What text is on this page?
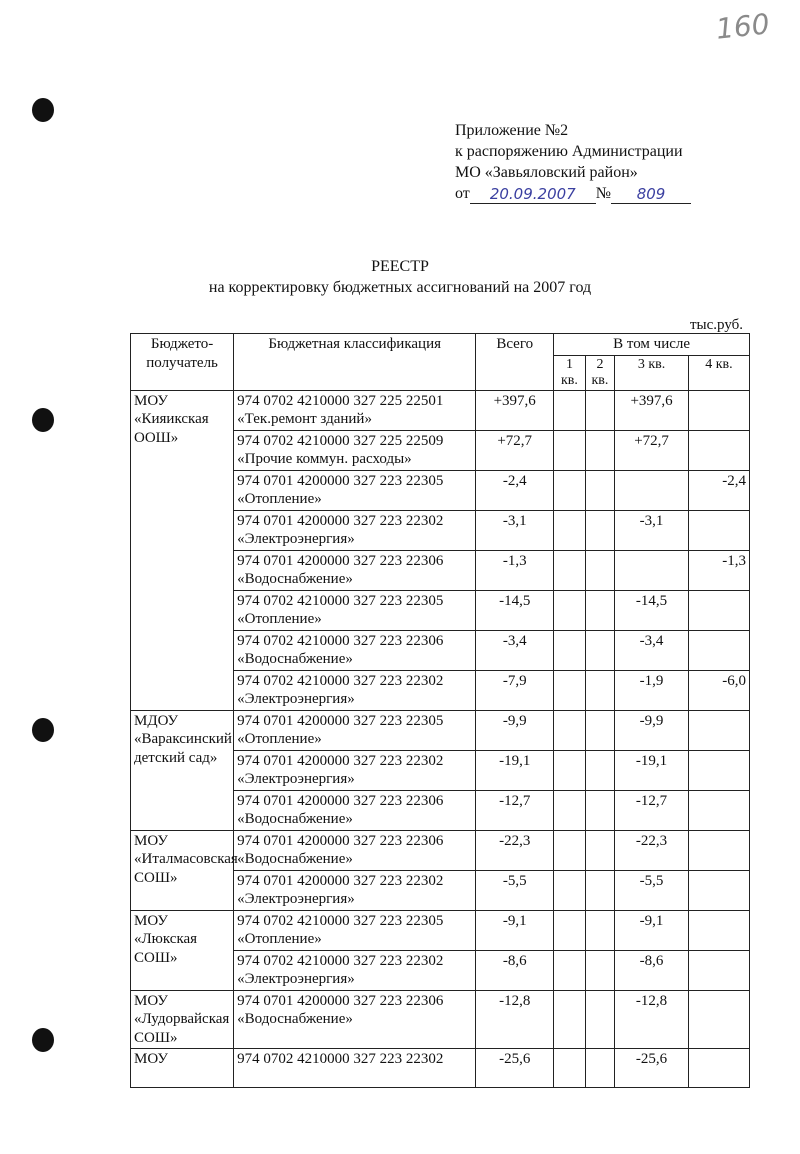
160
Приложение №2
к распоряжению Администрации
МО «Завьяловский район»
от 20.09.2007 № 809
РЕЕСТР
на корректировку бюджетных ассигнований на 2007 год
тыс.руб.
Бюджето-получатель	Бюджетная классификация	Всего	В том числе			
			1 кв.	2 кв.	3 кв.	4 кв.
МОУ «Кияикская ООШ»	974 0702 4210000 327 225 22501
«Тек.ремонт зданий»	+397,6			+397,6	

	974 0702 4210000 327 225 22509
«Прочие коммун. расходы»	+72,7			+72,7	

	974 0701 4200000 327 223 22305
«Отопление»	-2,4				-2,4

	974 0701 4200000 327 223 22302
«Электроэнергия»	-3,1			-3,1	

	974 0701 4200000 327 223 22306
«Водоснабжение»	-1,3				-1,3

	974 0702 4210000 327 223 22305
«Отопление»	-14,5			-14,5	

	974 0702 4210000 327 223 22306
«Водоснабжение»	-3,4			-3,4	

	974 0702 4210000 327 223 22302
«Электроэнергия»	-7,9			-1,9	-6,0
МДОУ «Вараксинский детский сад»	974 0701 4200000 327 223 22305
«Отопление»	-9,9			-9,9	

	974 0701 4200000 327 223 22302
«Электроэнергия»	-19,1			-19,1	

	974 0701 4200000 327 223 22306
«Водоснабжение»	-12,7			-12,7	
МОУ «Италмасовская СОШ»	974 0701 4200000 327 223 22306
«Водоснабжение»	-22,3			-22,3	

	974 0701 4200000 327 223 22302
«Электроэнергия»	-5,5			-5,5	
МОУ «Люкская СОШ»	974 0702 4210000 327 223 22305
«Отопление»	-9,1			-9,1	

	974 0702 4210000 327 223 22302
«Электроэнергия»	-8,6			-8,6	
МОУ «Лудорвайская СОШ»	974 0701 4200000 327 223 22306
«Водоснабжение»	-12,8			-12,8	
МОУ	974 0702 4210000 327 223 22302	-25,6			-25,6	
